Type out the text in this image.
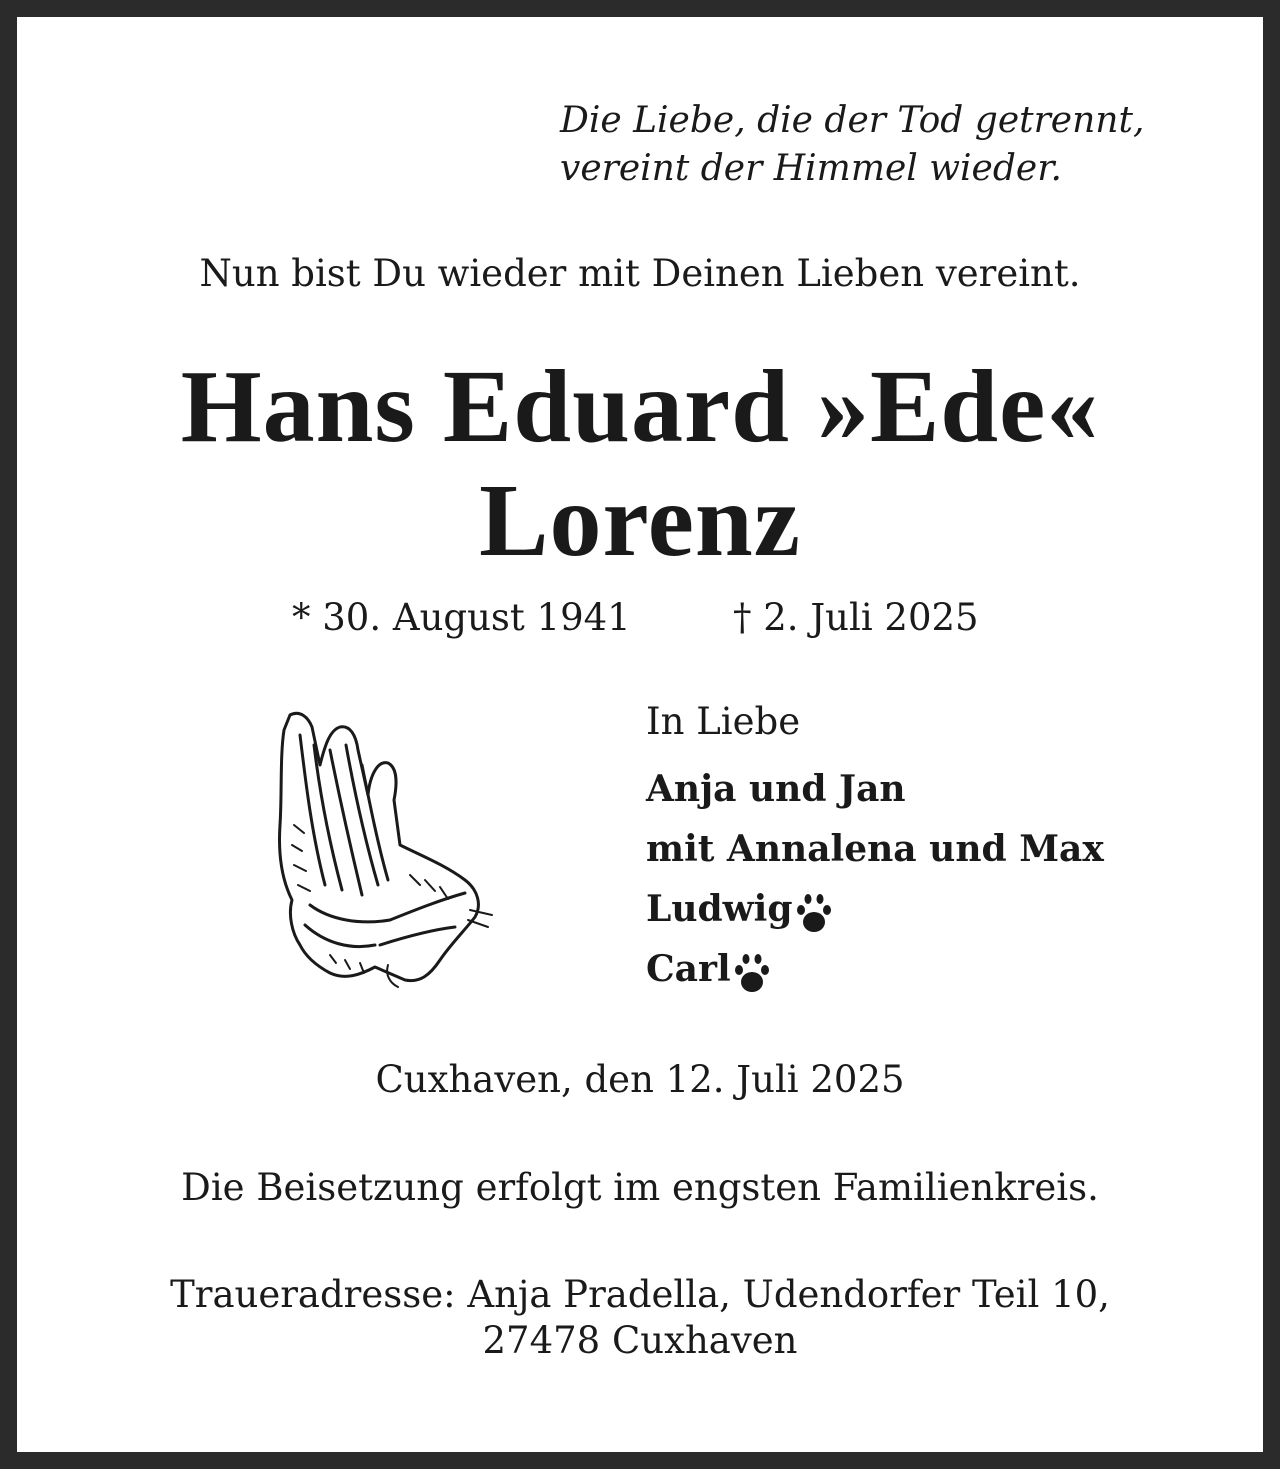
Die Liebe, die der Tod getrennt,
vereint der Himmel wieder.

Nun bist Du wieder mit Deinen Lieben vereint.

Hans Eduard »Ede«
Lorenz

* 30. August 1941	† 2. Juli 2025

In Liebe

Anja und Jan
mit Annalena und Max
Ludwig
Carl

Cuxhaven, den 12. Juli 2025

Die Beisetzung erfolgt im engsten Familienkreis.

Traueradresse: Anja Pradella, Udendorfer Teil 10,
27478 Cuxhaven
